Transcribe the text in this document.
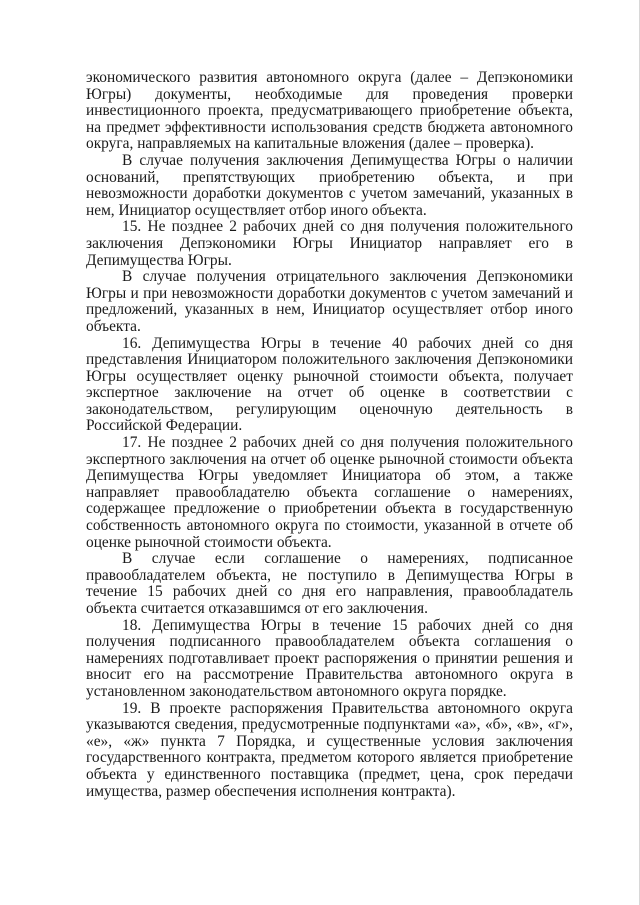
экономического развития автономного округа (далее – Депэкономики Югры) документы, необходимые для проведения проверки инвестиционного проекта, предусматривающего приобретение объекта, на предмет эффективности использования средств бюджета автономного округа, направляемых на капитальные вложения (далее – проверка).

В случае получения заключения Депимущества Югры о наличии оснований, препятствующих приобретению объекта, и при невозможности доработки документов с учетом замечаний, указанных в нем, Инициатор осуществляет отбор иного объекта.

15. Не позднее 2 рабочих дней со дня получения положительного заключения Депэкономики Югры Инициатор направляет его в Депимущества Югры.

В случае получения отрицательного заключения Депэкономики Югры и при невозможности доработки документов с учетом замечаний и предложений, указанных в нем, Инициатор осуществляет отбор иного объекта.

16. Депимущества Югры в течение 40 рабочих дней со дня представления Инициатором положительного заключения Депэкономики Югры осуществляет оценку рыночной стоимости объекта, получает экспертное заключение на отчет об оценке в соответствии с законодательством, регулирующим оценочную деятельность в Российской Федерации.

17. Не позднее 2 рабочих дней со дня получения положительного экспертного заключения на отчет об оценке рыночной стоимости объекта Депимущества Югры уведомляет Инициатора об этом, а также направляет правообладателю объекта соглашение о намерениях, содержащее предложение о приобретении объекта в государственную собственность автономного округа по стоимости, указанной в отчете об оценке рыночной стоимости объекта.

В случае если соглашение о намерениях, подписанное правообладателем объекта, не поступило в Депимущества Югры в течение 15 рабочих дней со дня его направления, правообладатель объекта считается отказавшимся от его заключения.

18. Депимущества Югры в течение 15 рабочих дней со дня получения подписанного правообладателем объекта соглашения о намерениях подготавливает проект распоряжения о принятии решения и вносит его на рассмотрение Правительства автономного округа в установленном законодательством автономного округа порядке.

19. В проекте распоряжения Правительства автономного округа указываются сведения, предусмотренные подпунктами «а», «б», «в», «г», «е», «ж» пункта 7 Порядка, и существенные условия заключения государственного контракта, предметом которого является приобретение объекта у единственного поставщика (предмет, цена, срок передачи имущества, размер обеспечения исполнения контракта).
